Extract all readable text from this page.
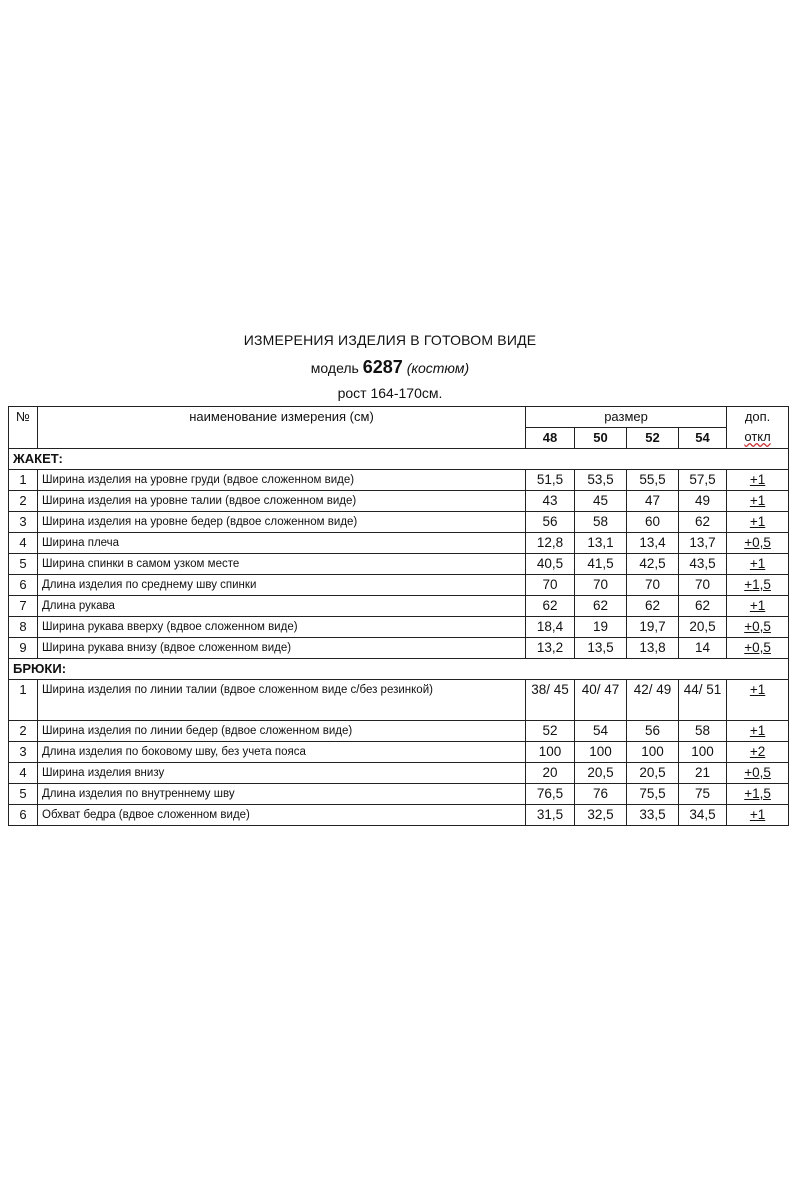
ИЗМЕРЕНИЯ ИЗДЕЛИЯ В ГОТОВОМ ВИДЕ
модель 6287 (костюм)
рост 164-170см.
№	наименование измерения (см)	размер				доп.
откл
		48	50	52	54	
ЖАКЕТ:						
1	Ширина изделия на уровне груди (вдвое сложенном виде)	51,5	53,5	55,5	57,5	+1
2	Ширина изделия на уровне талии (вдвое сложенном виде)	43	45	47	49	+1
3	Ширина изделия на уровне бедер (вдвое сложенном виде)	56	58	60	62	+1
4	Ширина плеча	12,8	13,1	13,4	13,7	+0,5
5	Ширина спинки в самом узком месте	40,5	41,5	42,5	43,5	+1
6	Длина изделия по среднему шву спинки	70	70	70	70	+1,5
7	Длина рукава	62	62	62	62	+1
8	Ширина рукава вверху (вдвое сложенном виде)	18,4	19	19,7	20,5	+0,5
9	Ширина рукава внизу (вдвое сложенном виде)	13,2	13,5	13,8	14	+0,5
БРЮКИ:						
1	Ширина изделия по линии талии (вдвое сложенном виде с/без резинкой)	38/ 45	40/ 47	42/ 49	44/ 51	+1
2	Ширина изделия по линии бедер (вдвое сложенном виде)	52	54	56	58	+1
3	Длина изделия по боковому шву, без учета пояса	100	100	100	100	+2
4	Ширина изделия внизу	20	20,5	20,5	21	+0,5
5	Длина изделия по внутреннему шву	76,5	76	75,5	75	+1,5
6	Обхват бедра (вдвое сложенном виде)	31,5	32,5	33,5	34,5	+1
